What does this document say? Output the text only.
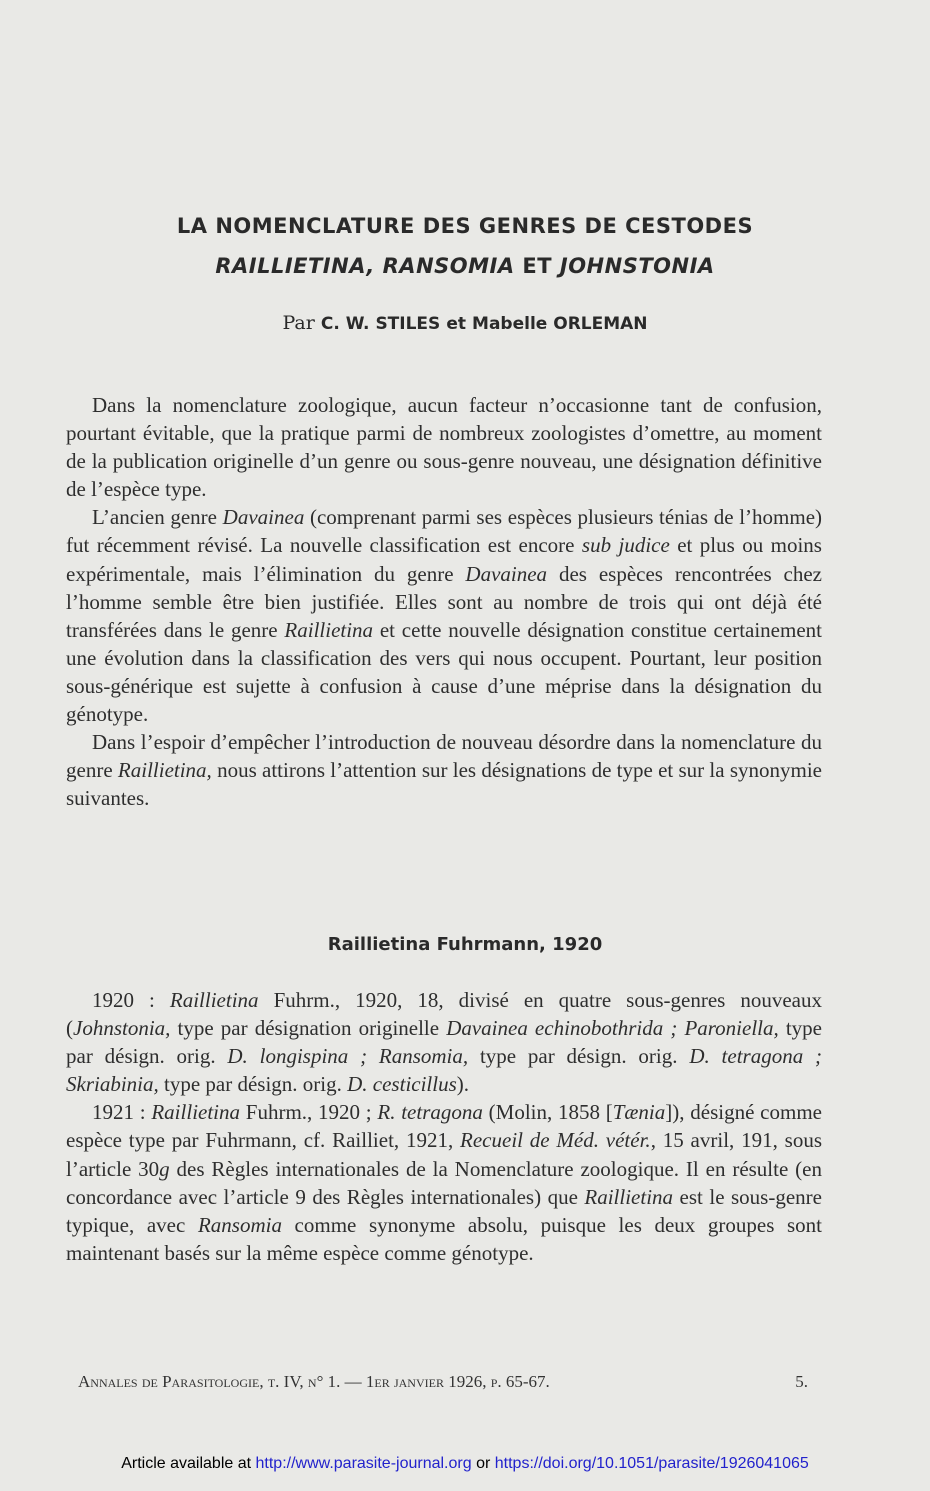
LA NOMENCLATURE DES GENRES DE CESTODES
RAILLIETINA, RANSOMIA ET JOHNSTONIA
Par C. W. STILES et Mabelle ORLEMAN

Dans la nomenclature zoologique, aucun facteur n’occasionne tant de confusion, pourtant évitable, que la pratique parmi de nombreux zoologistes d’omettre, au moment de la publication originelle d’un genre ou sous-genre nouveau, une désignation définitive de l’espèce type.

L’ancien genre Davainea (comprenant parmi ses espèces plusieurs ténias de l’homme) fut récemment révisé. La nouvelle classification est encore sub judice et plus ou moins expérimentale, mais l’élimination du genre Davainea des espèces rencontrées chez l’homme semble être bien justifiée. Elles sont au nombre de trois qui ont déjà été transférées dans le genre Raillietina et cette nouvelle désignation constitue certainement une évolution dans la classification des vers qui nous occupent. Pourtant, leur position sous-générique est sujette à confusion à cause d’une méprise dans la désignation du génotype.

Dans l’espoir d’empêcher l’introduction de nouveau désordre dans la nomenclature du genre Raillietina, nous attirons l’attention sur les désignations de type et sur la synonymie suivantes.

Raillietina Fuhrmann, 1920

1920 : Raillietina Fuhrm., 1920, 18, divisé en quatre sous-genres nouveaux (Johnstonia, type par désignation originelle Davainea echinobothrida ; Paroniella, type par désign. orig. D. longispina ; Ransomia, type par désign. orig. D. tetragona ; Skriabinia, type par désign. orig. D. cesticillus).

1921 : Raillietina Fuhrm., 1920 ; R. tetragona (Molin, 1858 [Tænia]), désigné comme espèce type par Fuhrmann, cf. Railliet, 1921, Recueil de Méd. vétér., 15 avril, 191, sous l’article 30g des Règles internationales de la Nomenclature zoologique. Il en résulte (en concordance avec l’article 9 des Règles internationales) que Raillietina est le sous-genre typique, avec Ransomia comme synonyme absolu, puisque les deux groupes sont maintenant basés sur la même espèce comme génotype.

Annales de Parasitologie, t. IV, n° 1. — 1er janvier 1926, p. 65-67.	5.
Article available at http://www.parasite-journal.org or https://doi.org/10.1051/parasite/1926041065
